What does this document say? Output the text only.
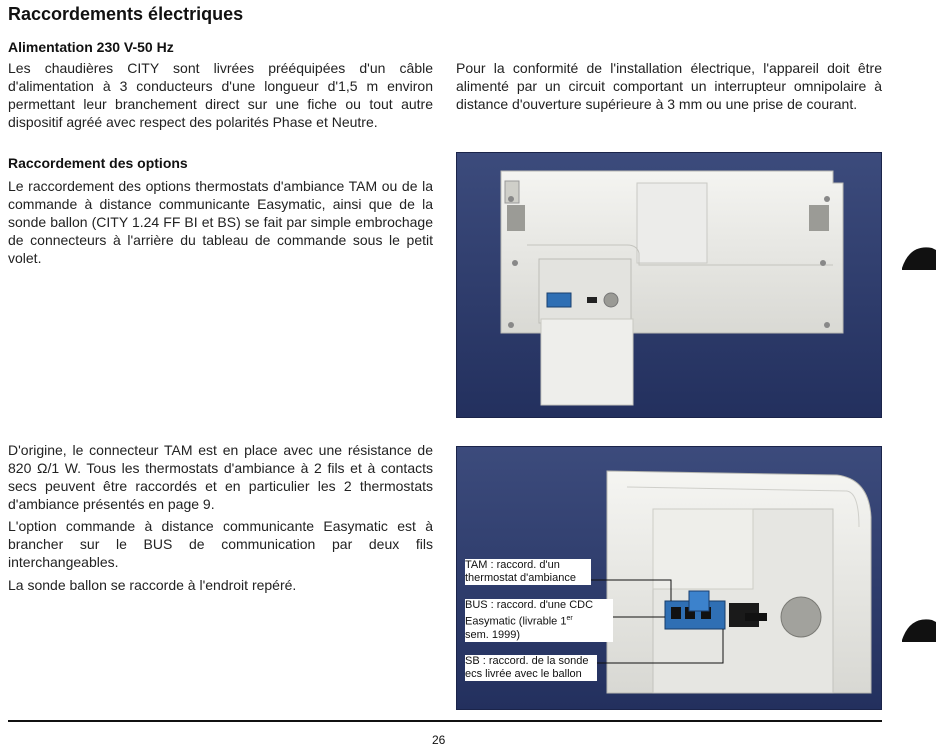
Raccordements électriques
Alimentation 230 V-50 Hz

Les chaudières CITY sont livrées prééquipées d'un câble d'alimentation à 3 conducteurs d'une longueur d'1,5 m environ permettant leur branchement direct sur une fiche ou tout autre dispositif agréé avec respect des polarités Phase et Neutre.

Pour la conformité de l'installation électrique, l'appareil doit être alimenté par un circuit comportant un interrupteur omnipolaire à distance d'ouverture supérieure à 3 mm ou une prise de courant.

Raccordement des options

Le raccordement des options thermostats d'ambiance TAM ou de la commande à distance communicante Easymatic, ainsi que de la sonde ballon (CITY 1.24 FF BI et BS) se fait par simple embrochage de connecteurs à l'arrière du tableau de commande sous le petit volet.

D'origine, le connecteur TAM est en place avec une résistance de 820 Ω/1 W. Tous les thermostats d'ambiance à 2 fils et à contacts secs peuvent être raccordés et en particulier les 2 thermostats d'ambiance présentés en page 9.

L'option commande à distance communicante Easymatic est à brancher sur le BUS de communication par deux fils interchangeables.

La sonde ballon se raccorde à l'endroit repéré.

TAM : raccord. d'un thermostat d'ambiance
BUS : raccord. d'une CDC
Easymatic (livrable 1er
sem. 1999)
SB : raccord. de la sonde ecs livrée avec le ballon
26
